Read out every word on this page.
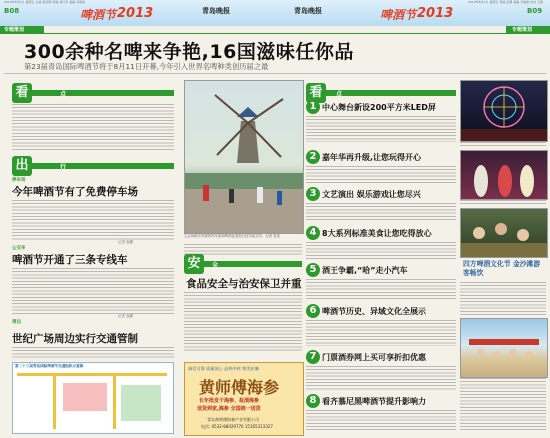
B08
2013年8月9日 星期五 主编 蔡金明 责编 刘红军 美编 乔晓雷
青岛晚报
啤酒节 2013	青岛晚报	啤酒节 2013
2013年8月9日 星期五 责编 张静 美编 乔晓雷 校对 王新
B09
专题策划	专题策划
300余种名啤来争艳,16国滋味任你品
第23届青岛国际啤酒节将于8月11日开幕,今年引入世界名啤种类创历届之最
看	点
出	行
停车场
今年啤酒节有了免费停车场
记者 崔鹏
公交车
啤酒节开通了三条专线车
记者 崔鹏
周边
世纪广场周边实行交通管制
第二十三届青岛国际啤酒节交通组织示意图
主会场欧式风情的风车屋和啤酒花造型已经安装完毕。记者 张浩
安	全
食品安全与治安保卫并重
诚信可靠 质量放心 品种多样 物美价廉
黄师傅海参
长年批发干海参、盐渍海参
送货到家,海参 全国统一送货
青岛黄师傅海参产业有限公司
电话: 0532-88029770 15165313327
看	点
1 中心舞台新设200平方米LED屏
2 嘉年华再升级,让您玩得开心
3 文艺演出 娱乐游戏让您尽兴
4 8大系列标准美食让您吃得放心
5 酒王争霸,“哈”走小汽车
6 啤酒节历史、异域文化全展示
7 门票酒券网上买可享折扣优惠
8 看齐慕尼黑啤酒节提升影响力
四方啤酒文化节 金沙滩游客畅饮
